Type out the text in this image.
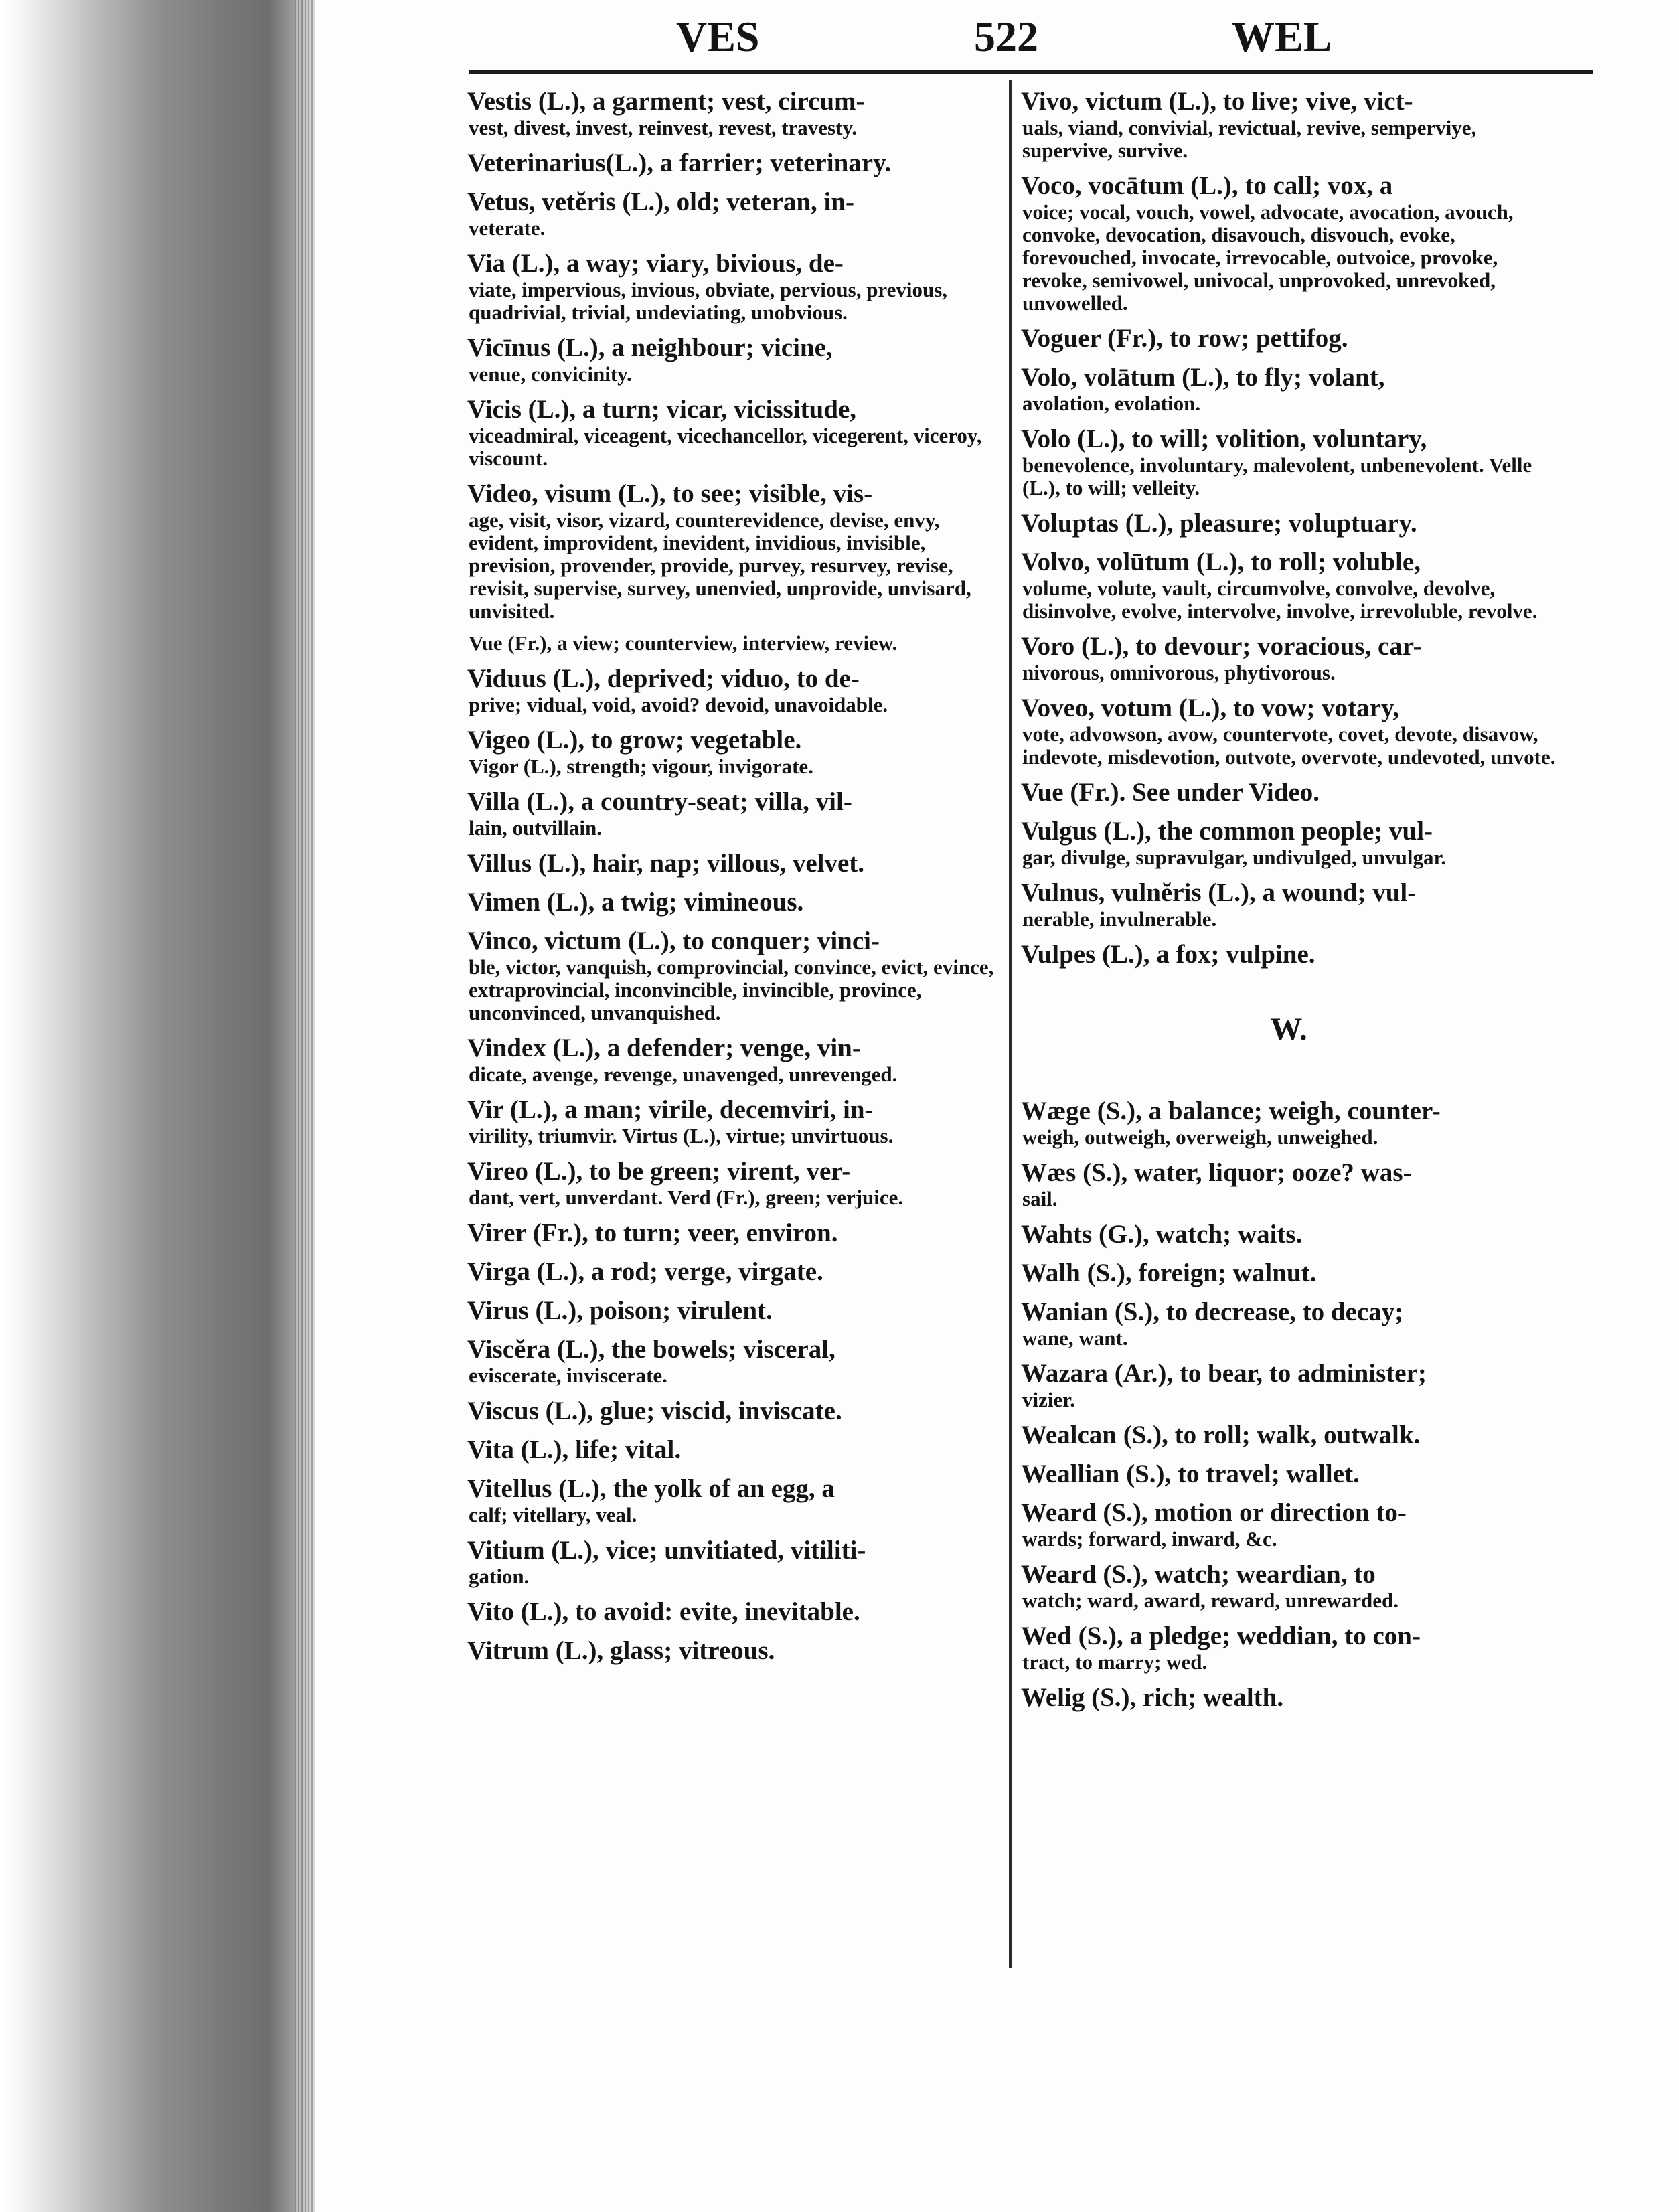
VES	522	WEL
Vestis (L.), a garment; vest, circum-
vest, divest, invest, reinvest, revest, travesty.
Veterinarius(L.), a farrier; veterinary.
Vetus, vetĕris (L.), old; veteran, in-
veterate.
Via (L.), a way; viary, bivious, de-
viate, impervious, invious, obviate, pervious, previous, quadrivial, trivial, undeviating, unobvious.
Vicīnus (L.), a neighbour; vicine,
venue, convicinity.
Vicis (L.), a turn; vicar, vicissitude,
viceadmiral, viceagent, vicechancellor, vicegerent, viceroy, viscount.
Video, visum (L.), to see; visible, vis-
age, visit, visor, vizard, counterevidence, devise, envy, evident, improvident, inevident, invidious, invisible, prevision, provender, provide, purvey, resurvey, revise, revisit, supervise, survey, unenvied, unprovide, unvisard, unvisited.
Vue (Fr.), a view; counterview, interview, review.
Viduus (L.), deprived; viduo, to de-
prive; vidual, void, avoid? devoid, unavoidable.
Vigeo (L.), to grow; vegetable.
Vigor (L.), strength; vigour, invigorate.
Villa (L.), a country-seat; villa, vil-
lain, outvillain.
Villus (L.), hair, nap; villous, velvet.
Vimen (L.), a twig; vimineous.
Vinco, victum (L.), to conquer; vinci-
ble, victor, vanquish, comprovincial, convince, evict, evince, extraprovincial, inconvincible, invincible, province, unconvinced, unvanquished.
Vindex (L.), a defender; venge, vin-
dicate, avenge, revenge, unavenged, unrevenged.
Vir (L.), a man; virile, decemviri, in-
virility, triumvir. Virtus (L.), virtue; unvirtuous.
Vireo (L.), to be green; virent, ver-
dant, vert, unverdant. Verd (Fr.), green; verjuice.
Virer (Fr.), to turn; veer, environ.
Virga (L.), a rod; verge, virgate.
Virus (L.), poison; virulent.
Viscĕra (L.), the bowels; visceral,
eviscerate, inviscerate.
Viscus (L.), glue; viscid, inviscate.
Vita (L.), life; vital.
Vitellus (L.), the yolk of an egg, a
calf; vitellary, veal.
Vitium (L.), vice; unvitiated, vitiliti-
gation.
Vito (L.), to avoid: evite, inevitable.
Vitrum (L.), glass; vitreous.
Vivo, victum (L.), to live; vive, vict-
uals, viand, convivial, revictual, revive, semperviye, supervive, survive.
Voco, vocātum (L.), to call; vox, a
voice; vocal, vouch, vowel, advocate, avocation, avouch, convoke, devocation, disavouch, disvouch, evoke, forevouched, invocate, irrevocable, outvoice, provoke, revoke, semivowel, univocal, unprovoked, unrevoked, unvowelled.
Voguer (Fr.), to row; pettifog.
Volo, volātum (L.), to fly; volant,
avolation, evolation.
Volo (L.), to will; volition, voluntary,
benevolence, involuntary, malevolent, unbenevolent. Velle (L.), to will; velleity.
Voluptas (L.), pleasure; voluptuary.
Volvo, volūtum (L.), to roll; voluble,
volume, volute, vault, circumvolve, convolve, devolve, disinvolve, evolve, intervolve, involve, irrevoluble, revolve.
Voro (L.), to devour; voracious, car-
nivorous, omnivorous, phytivorous.
Voveo, votum (L.), to vow; votary,
vote, advowson, avow, countervote, covet, devote, disavow, indevote, misdevotion, outvote, overvote, undevoted, unvote.
Vue (Fr.). See under Video.
Vulgus (L.), the common people; vul-
gar, divulge, supravulgar, undivulged, unvulgar.
Vulnus, vulnĕris (L.), a wound; vul-
nerable, invulnerable.
Vulpes (L.), a fox; vulpine.
W.
Wæge (S.), a balance; weigh, counter-
weigh, outweigh, overweigh, unweighed.
Wæs (S.), water, liquor; ooze? was-
sail.
Wahts (G.), watch; waits.
Walh (S.), foreign; walnut.
Wanian (S.), to decrease, to decay;
wane, want.
Wazara (Ar.), to bear, to administer;
vizier.
Wealcan (S.), to roll; walk, outwalk.
Weallian (S.), to travel; wallet.
Weard (S.), motion or direction to-
wards; forward, inward, &c.
Weard (S.), watch; weardian, to
watch; ward, award, reward, unrewarded.
Wed (S.), a pledge; weddian, to con-
tract, to marry; wed.
Welig (S.), rich; wealth.
